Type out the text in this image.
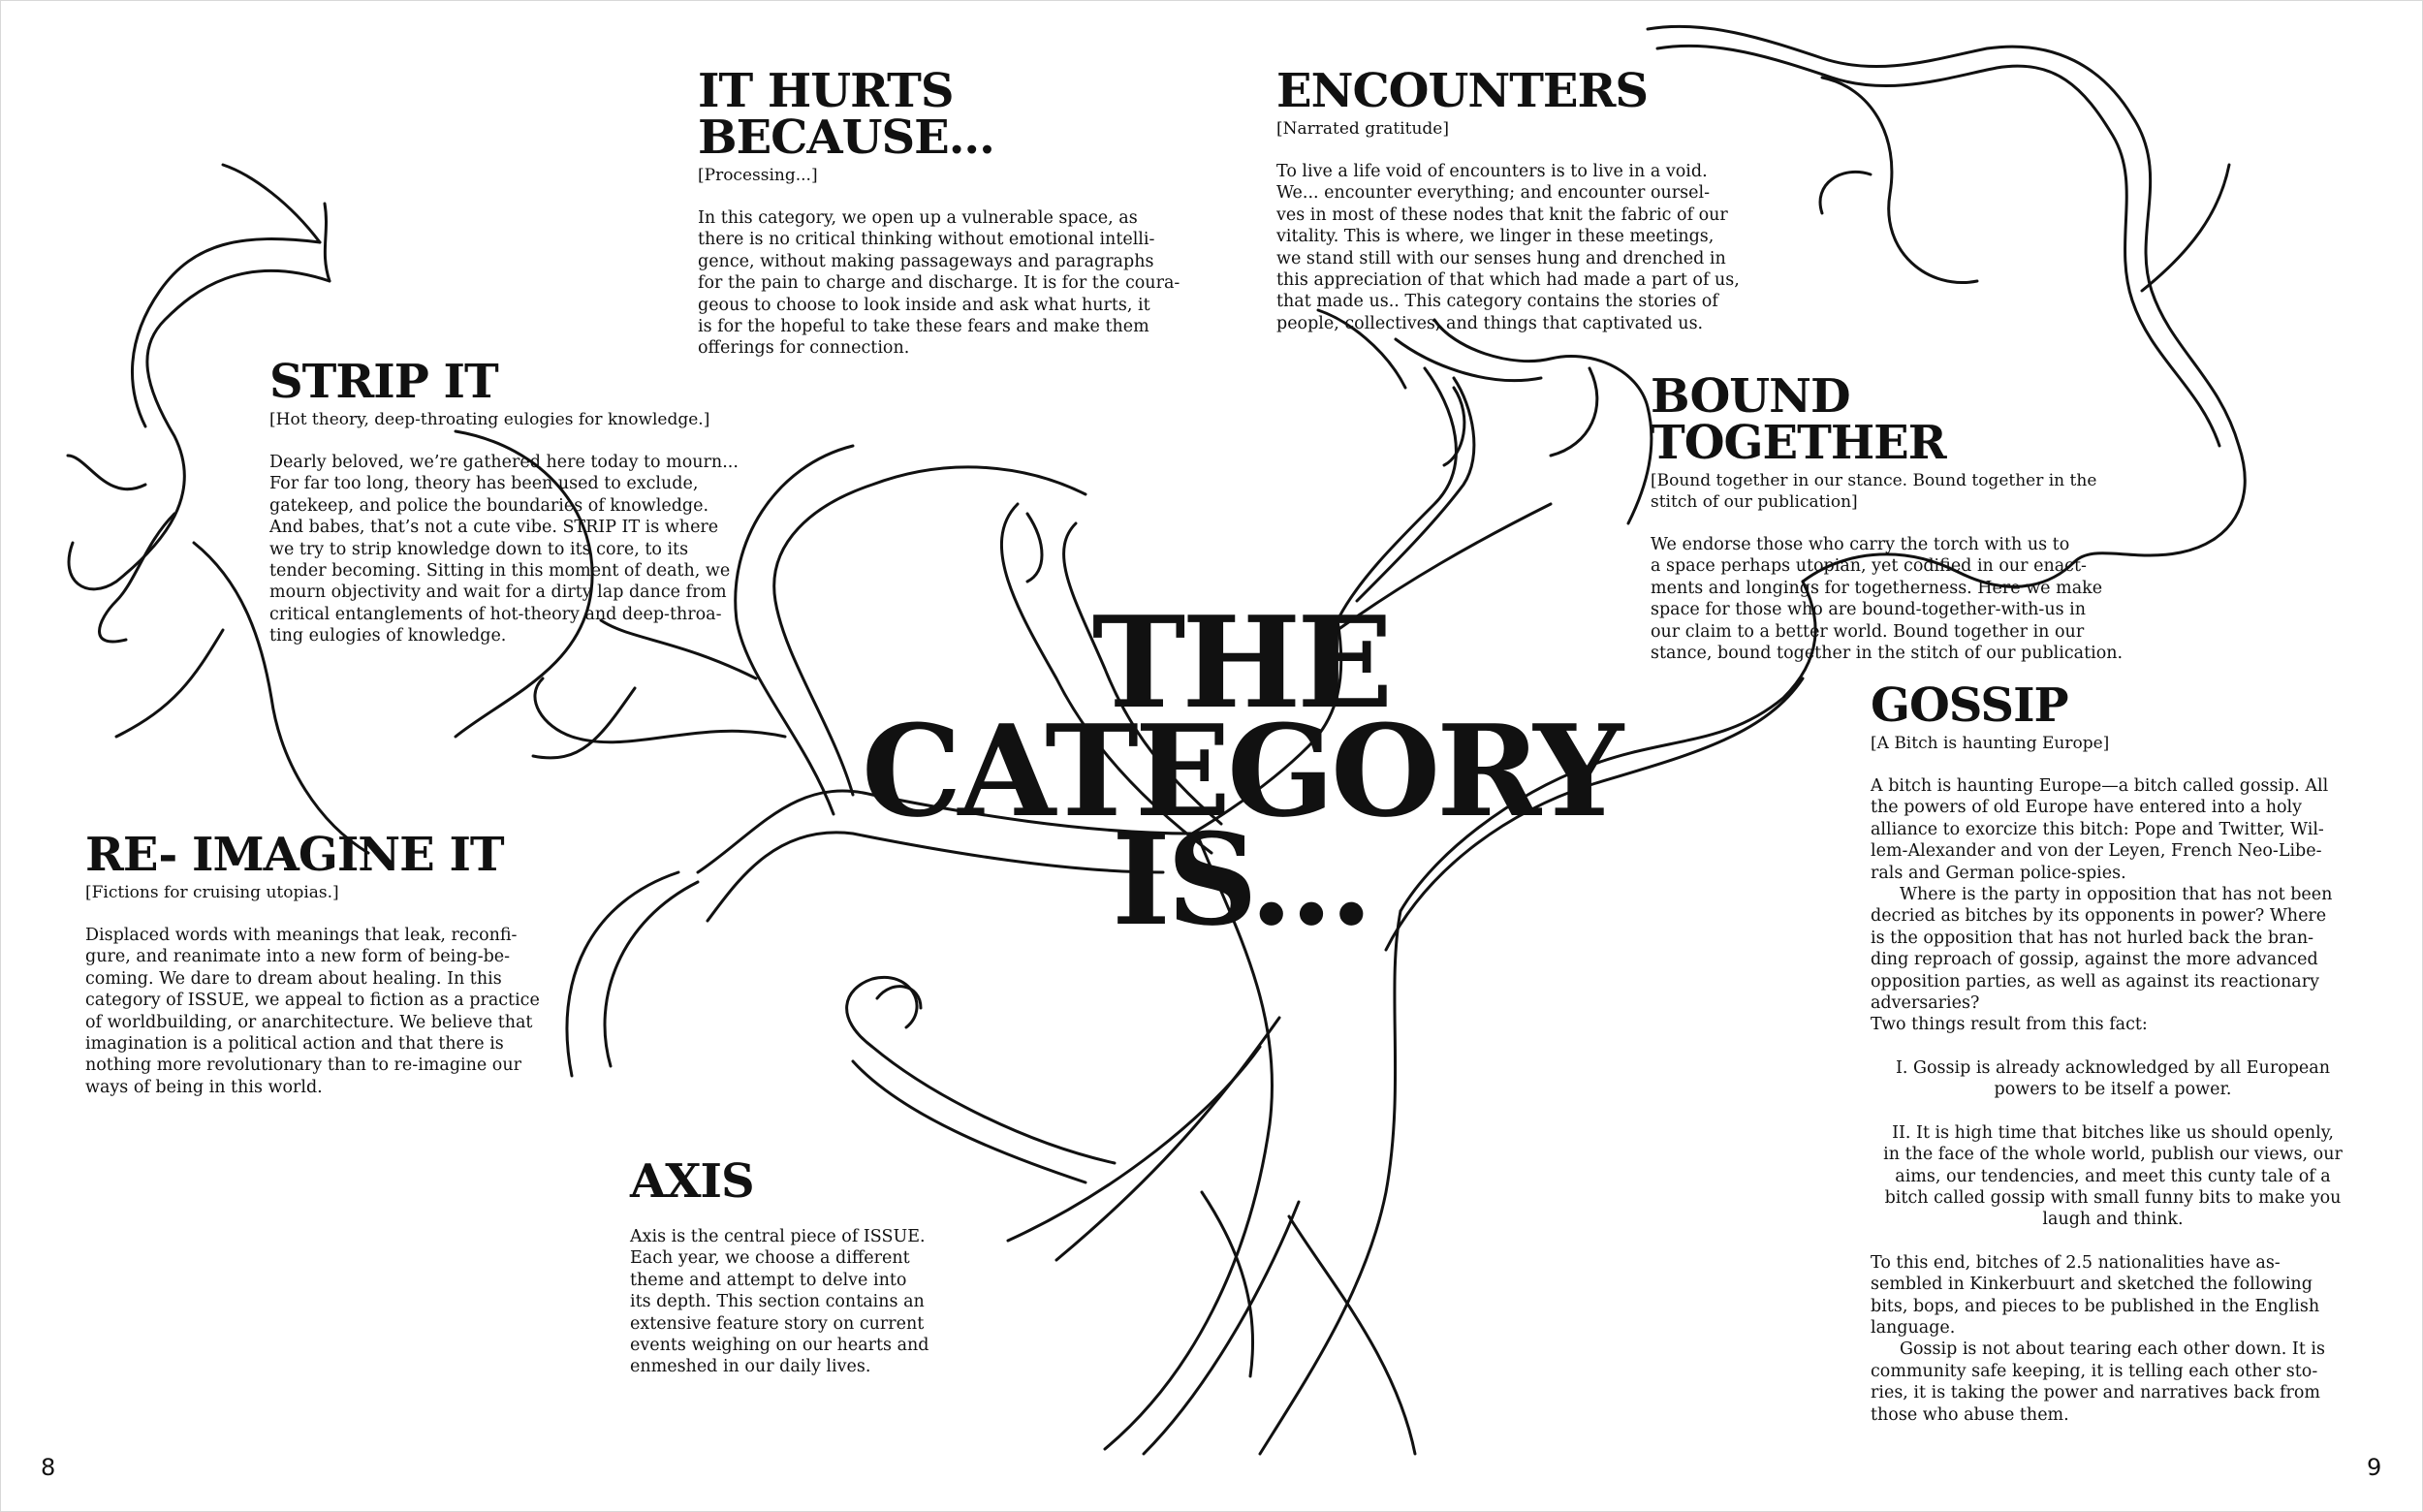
IT HURTS BECAUSE...
[Processing...]

In this category, we open up a vulnerable space, as

there is no critical thinking without emotional intelli-

gence, without making passageways and paragraphs

for the pain to charge and discharge. It is for the coura-

geous to choose to look inside and ask what hurts, it

is for the hopeful to take these fears and make them

offerings for connection.

ENCOUNTERS
[Narrated gratitude]

To live a life void of encounters is to live in a void.

We... encounter everything; and encounter oursel-

ves in most of these nodes that knit the fabric of our

vitality. This is where, we linger in these meetings,

we stand still with our senses hung and drenched in

this appreciation of that which had made a part of us,

that made us.. This category contains the stories of

people, collectives, and things that captivated us.

STRIP IT
[Hot theory, deep-throating eulogies for knowledge.]

Dearly beloved, we’re gathered here today to mourn...

For far too long, theory has been used to exclude,

gatekeep, and police the boundaries of knowledge.

And babes, that’s not a cute vibe. STRIP IT is where

we try to strip knowledge down to its core, to its

tender becoming. Sitting in this moment of death, we

mourn objectivity and wait for a dirty lap dance from

critical entanglements of hot-theory and deep-throa-

ting eulogies of knowledge.

BOUND TOGETHER

[Bound together in our stance. Bound together in the

stitch of our publication]

We endorse those who carry the torch with us to

a space perhaps utopian, yet codified in our enact-

ments and longings for togetherness. Here we make

space for those who are bound-together-with-us in

our claim to a better world. Bound together in our

stance, bound together in the stitch of our publication.

RE- IMAGINE IT
[Fictions for cruising utopias.]

Displaced words with meanings that leak, reconfi-

gure, and reanimate into a new form of being-be-

coming. We dare to dream about healing. In this

category of ISSUE, we appeal to fiction as a practice

of worldbuilding, or anarchitecture. We believe that

imagination is a political action and that there is

nothing more revolutionary than to re-imagine our

ways of being in this world.

AXIS

Axis is the central piece of ISSUE.

Each year, we choose a different

theme and attempt to delve into

its depth. This section contains an

extensive feature story on current

events weighing on our hearts and

enmeshed in our daily lives.

GOSSIP
[A Bitch is haunting Europe]

A bitch is haunting Europe—a bitch called gossip. All

the powers of old Europe have entered into a holy

alliance to exorcize this bitch: Pope and Twitter, Wil-

lem-Alexander and von der Leyen, French Neo-Libe-

rals and German police-spies.

Where is the party in opposition that has not been

decried as bitches by its opponents in power? Where

is the opposition that has not hurled back the bran-

ding reproach of gossip, against the more advanced

opposition parties, as well as against its reactionary

adversaries?

Two things result from this fact:

I. Gossip is already acknowledged by all European

powers to be itself a power.

II. It is high time that bitches like us should openly,

in the face of the whole world, publish our views, our

aims, our tendencies, and meet this cunty tale of a

bitch called gossip with small funny bits to make you

laugh and think.

To this end, bitches of 2.5 nationalities have as-

sembled in Kinkerbuurt and sketched the following

bits, bops, and pieces to be published in the English

language.

Gossip is not about tearing each other down. It is

community safe keeping, it is telling each other sto-

ries, it is taking the power and narratives back from

those who abuse them.

THE
CATEGORY
IS...
8	9
